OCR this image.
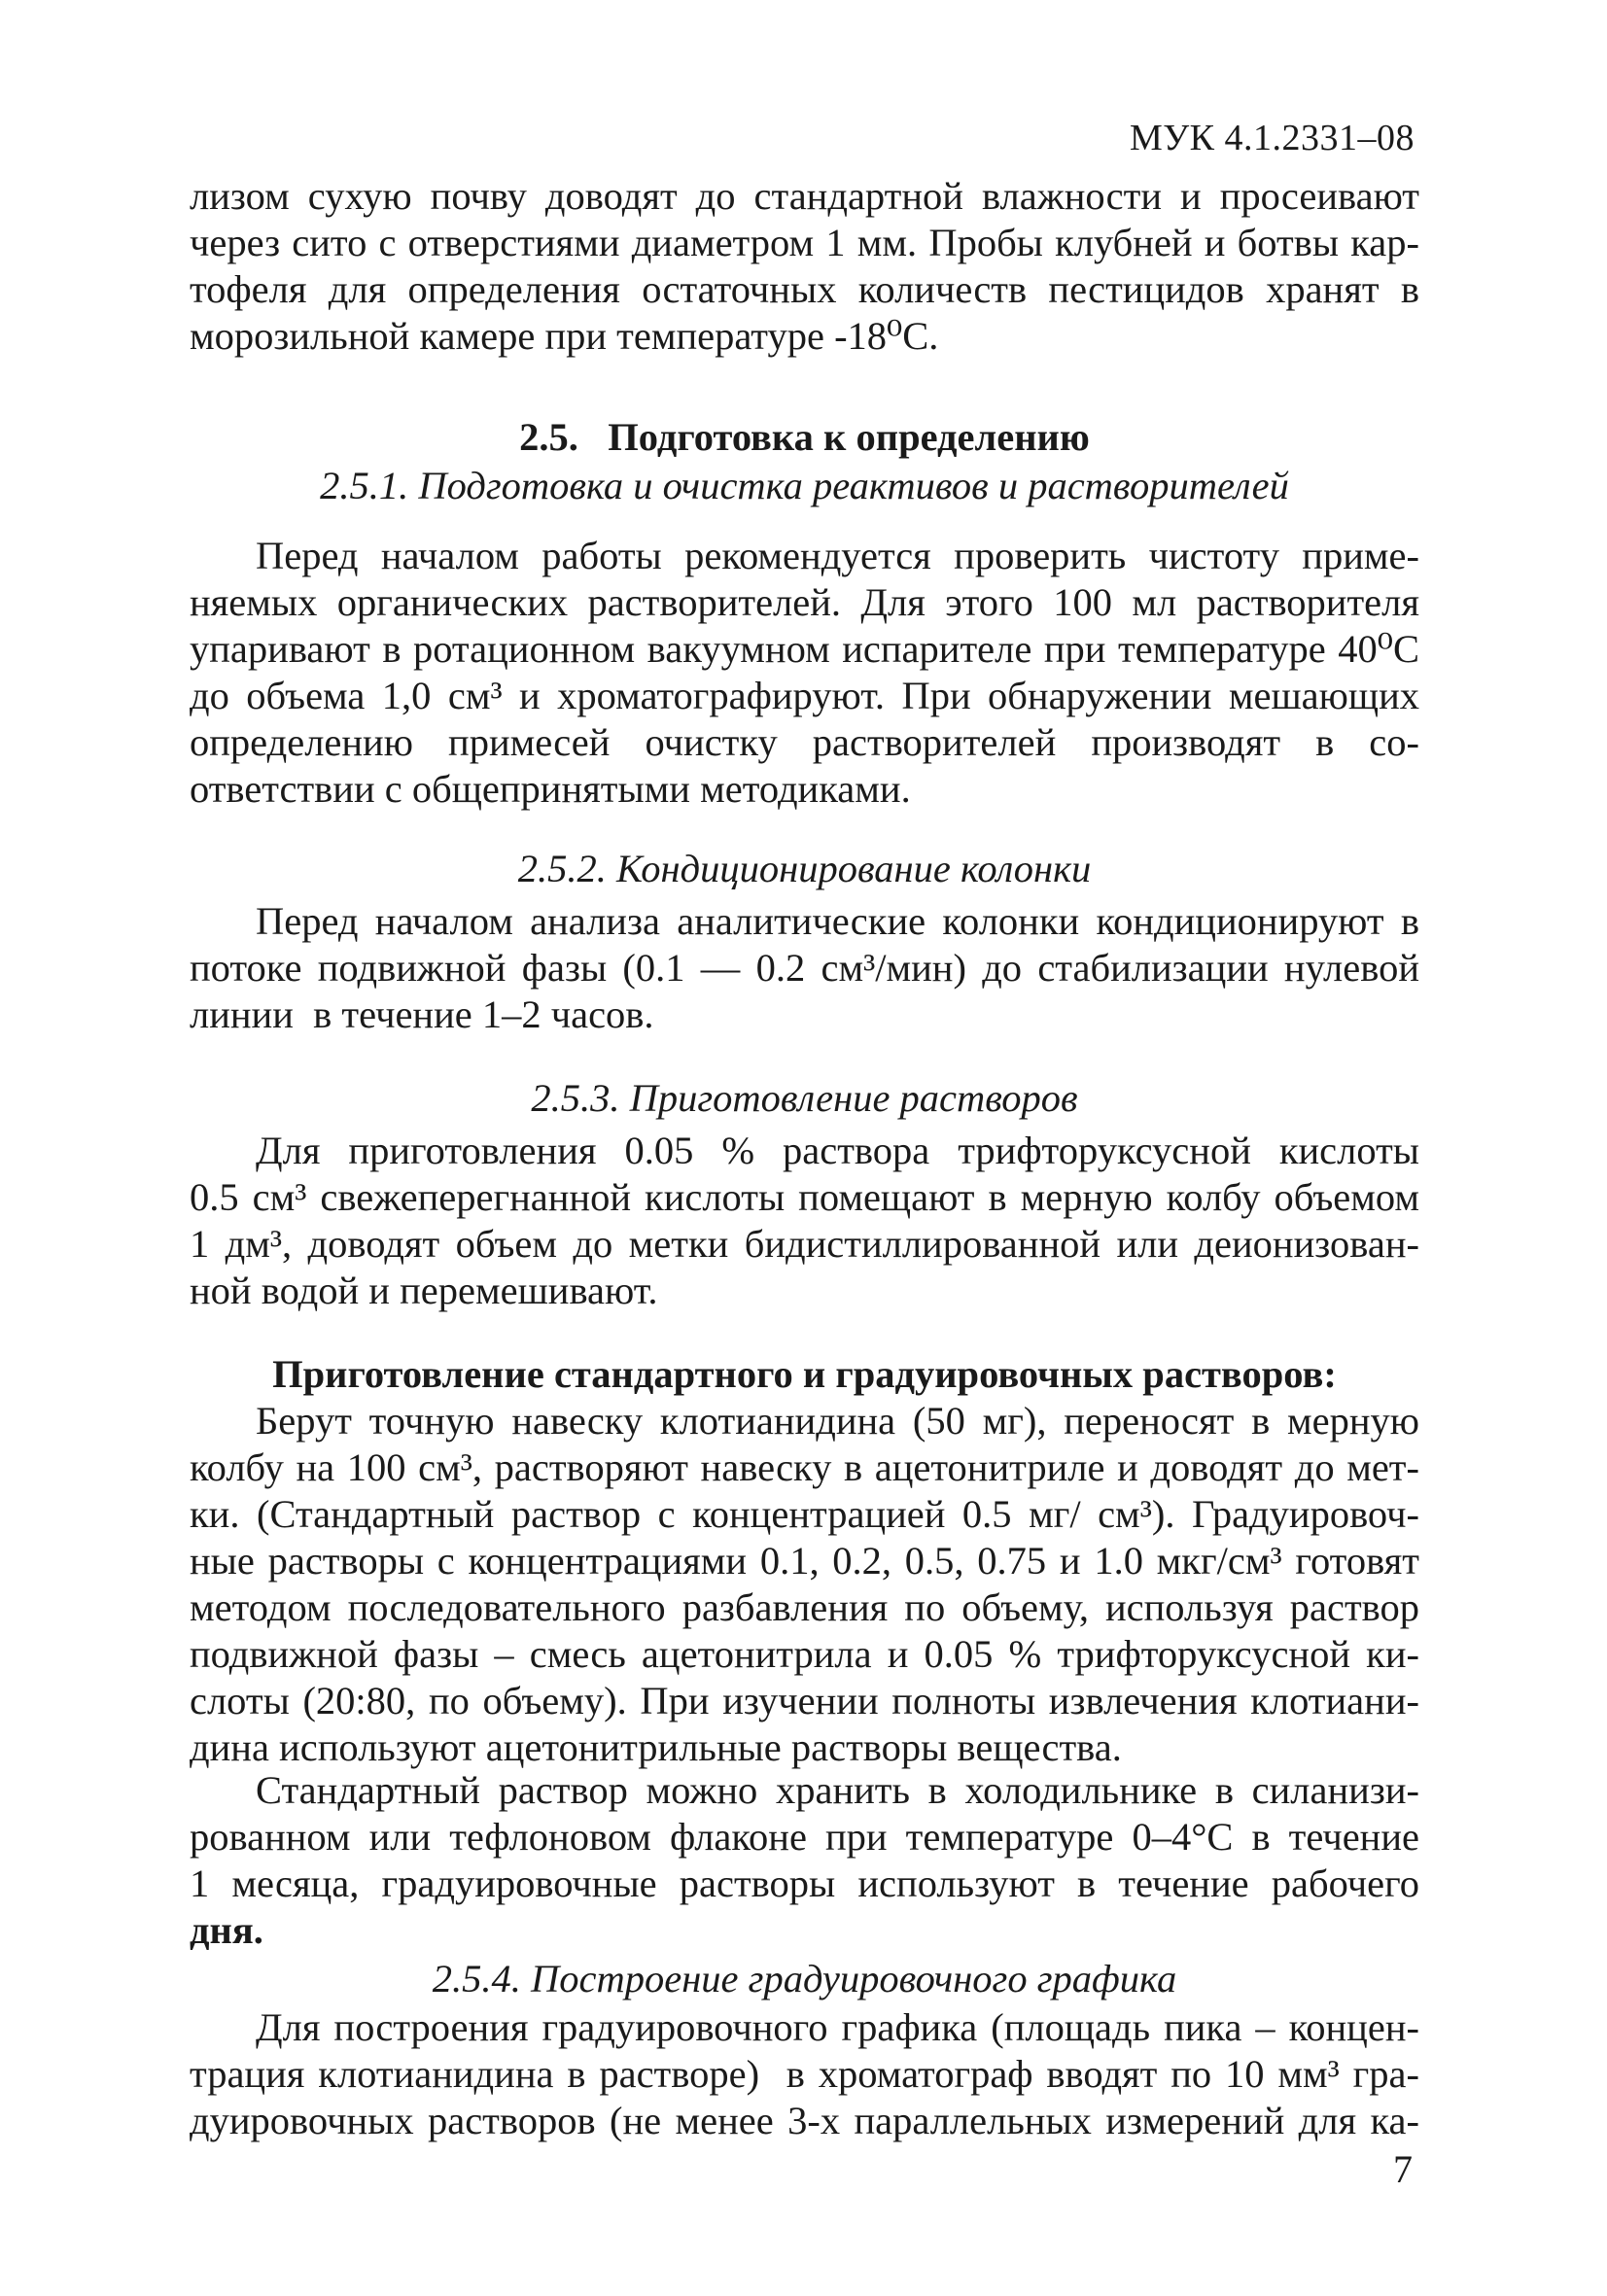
МУК 4.1.2331–08
лизом сухую почву доводят до стандартной влажности и просеивают
через сито с отверстиями диаметром 1 мм. Пробы клубней и ботвы кар-
тофеля для определения остаточных количеств пестицидов хранят в
морозильной камере при температуре -18⁰С.
2.5.   Подготовка к определению
2.5.1. Подготовка и очистка реактивов и растворителей
Перед началом работы рекомендуется проверить чистоту приме-
няемых органических растворителей. Для этого 100 мл растворителя
упаривают в ротационном вакуумном испарителе при температуре 40⁰С
до объема 1,0 см³ и хроматографируют. При обнаружении мешающих
определению примесей очистку растворителей производят в со-
ответствии с общепринятыми методиками.
2.5.2. Кондиционирование колонки
Перед началом анализа аналитические колонки кондиционируют в
потоке подвижной фазы (0.1 — 0.2 см³/мин) до стабилизации нулевой
линии  в течение 1–2 часов.
2.5.3. Приготовление растворов
Для приготовления 0.05 % раствора трифторуксусной кислоты
0.5 см³ свежеперегнанной кислоты помещают в мерную колбу объемом
1 дм³, доводят объем до метки бидистиллированной или деионизован-
ной водой и перемешивают.
Приготовление стандартного и градуировочных растворов:
Берут точную навеску клотианидина (50 мг), переносят в мерную
колбу на 100 см³, растворяют навеску в ацетонитриле и доводят до мет-
ки. (Стандартный раствор с концентрацией 0.5 мг/ см³). Градуировоч-
ные растворы с концентрациями 0.1, 0.2, 0.5, 0.75 и 1.0 мкг/см³ готовят
методом последовательного разбавления по объему, используя раствор
подвижной фазы – смесь ацетонитрила и 0.05 % трифторуксусной ки-
слоты (20:80, по объему). При изучении полноты извлечения клотиани-
дина используют ацетонитрильные растворы вещества.
Стандартный раствор можно хранить в холодильнике в силанизи-
рованном или тефлоновом флаконе при температуре 0–4°С в течение
1 месяца, градуировочные растворы используют в течение рабочего
дня.
2.5.4. Построение градуировочного графика
Для построения градуировочного графика (площадь пика – концен-
трация клотианидина в растворе)  в хроматограф вводят по 10 мм³ гра-
дуировочных растворов (не менее 3-х параллельных измерений для ка-
7
